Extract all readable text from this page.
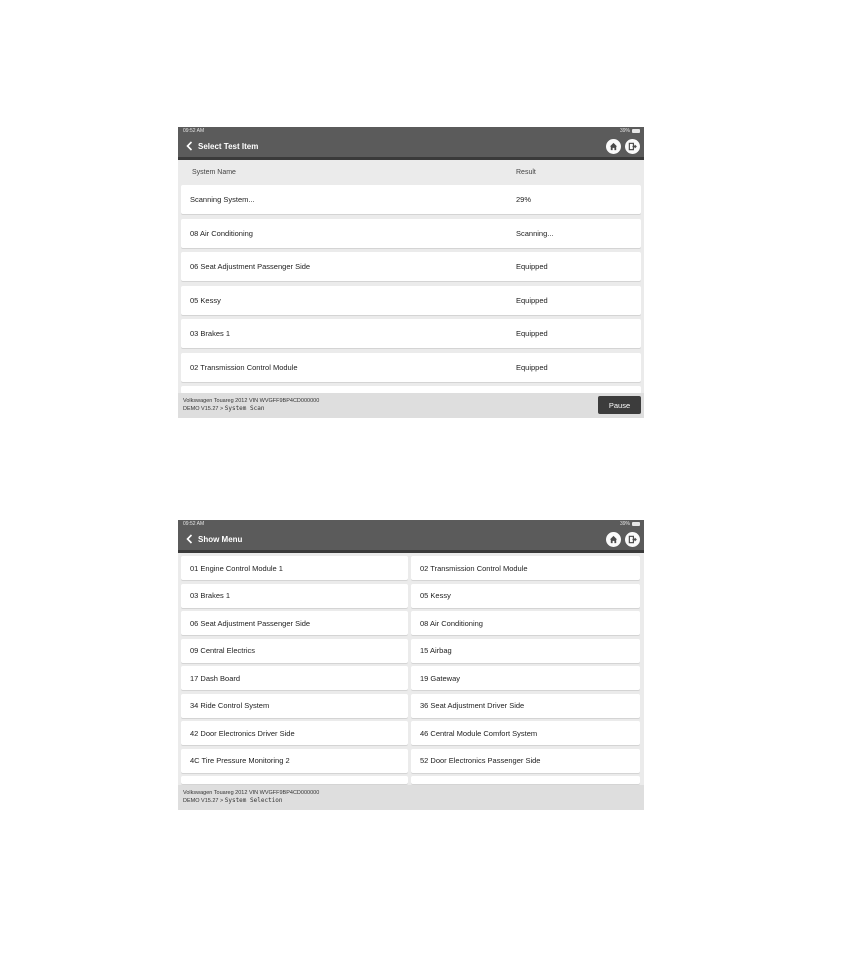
09:52 AM	39%
Select Test Item
System Name	Result
Scanning System...	29%
08 Air Conditioning	Scanning...
06 Seat Adjustment Passenger Side	Equipped
05 Kessy	Equipped
03 Brakes 1	Equipped
02 Transmission Control Module	Equipped
Volkswagen Touareg 2012 VIN WVGFF9BP4CD000000
DEMO V15.27 > System Scan	Pause
09:52 AM	39%
Show Menu
01 Engine Control Module 1	02 Transmission Control Module
03 Brakes 1	05 Kessy
06 Seat Adjustment Passenger Side	08 Air Conditioning
09 Central Electrics	15 Airbag
17 Dash Board	19 Gateway
34 Ride Control System	36 Seat Adjustment Driver Side
42 Door Electronics Driver Side	46 Central Module Comfort System
4C Tire Pressure Monitoring 2	52 Door Electronics Passenger Side
Volkswagen Touareg 2012 VIN WVGFF9BP4CD000000
DEMO V15.27 > System Selection
